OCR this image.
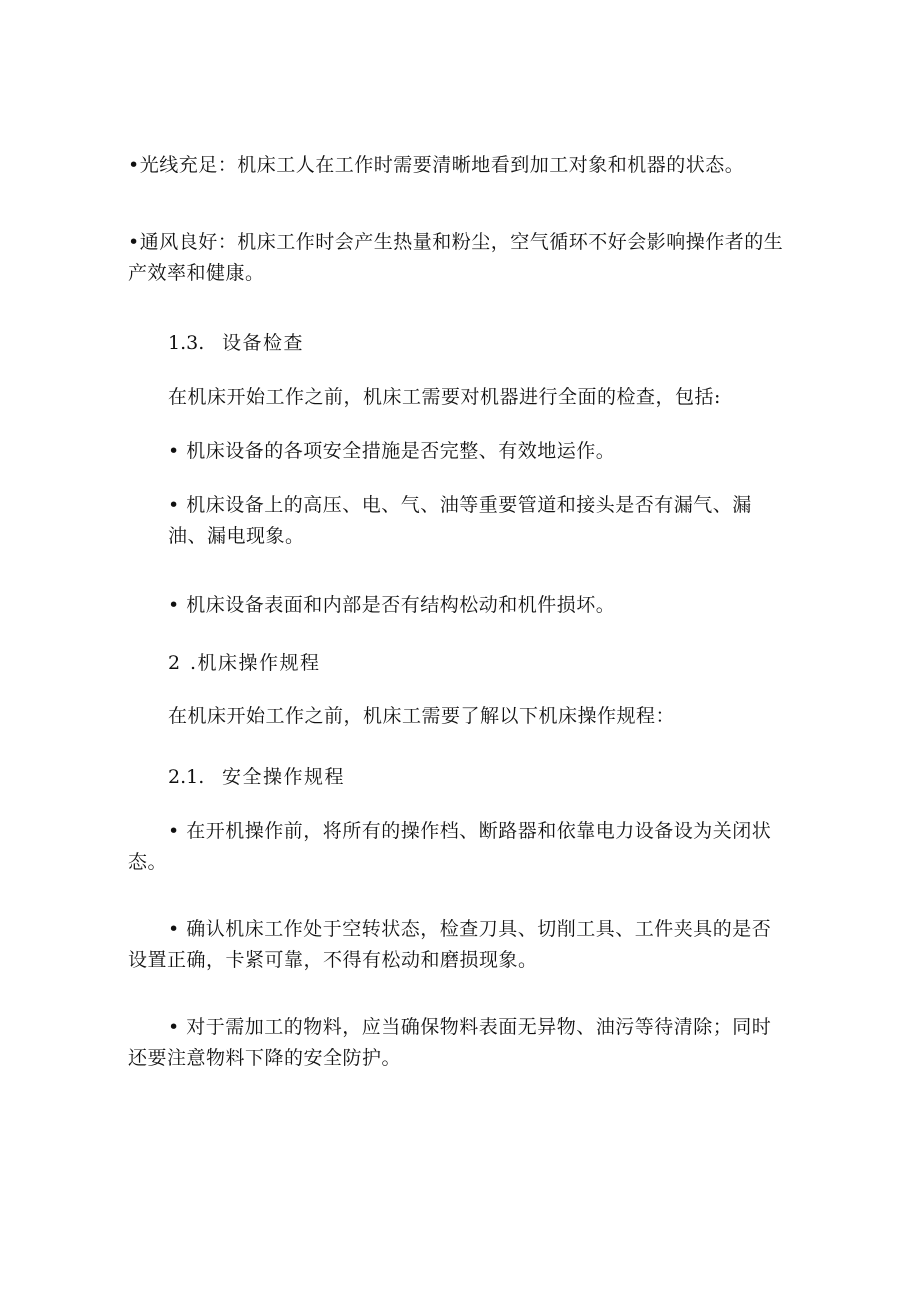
•光线充足：机床工人在工作时需要清晰地看到加工对象和机器的状态。

•通风良好：机床工作时会产生热量和粉尘，空气循环不好会影响操作者的生产效率和健康。

1.3. 设备检查

在机床开始工作之前，机床工需要对机器进行全面的检查，包括:

• 机床设备的各项安全措施是否完整、有效地运作。

• 机床设备上的高压、电、气、油等重要管道和接头是否有漏气、漏油、漏电现象。

• 机床设备表面和内部是否有结构松动和机件损坏。

2 .机床操作规程

在机床开始工作之前，机床工需要了解以下机床操作规程：

2.1. 安全操作规程

• 在开机操作前，将所有的操作档、断路器和依靠电力设备设为关闭状态。

• 确认机床工作处于空转状态，检查刀具、切削工具、工件夹具的是否设置正确，卡紧可靠，不得有松动和磨损现象。

• 对于需加工的物料，应当确保物料表面无异物、油污等待清除；同时还要注意物料下降的安全防护。
